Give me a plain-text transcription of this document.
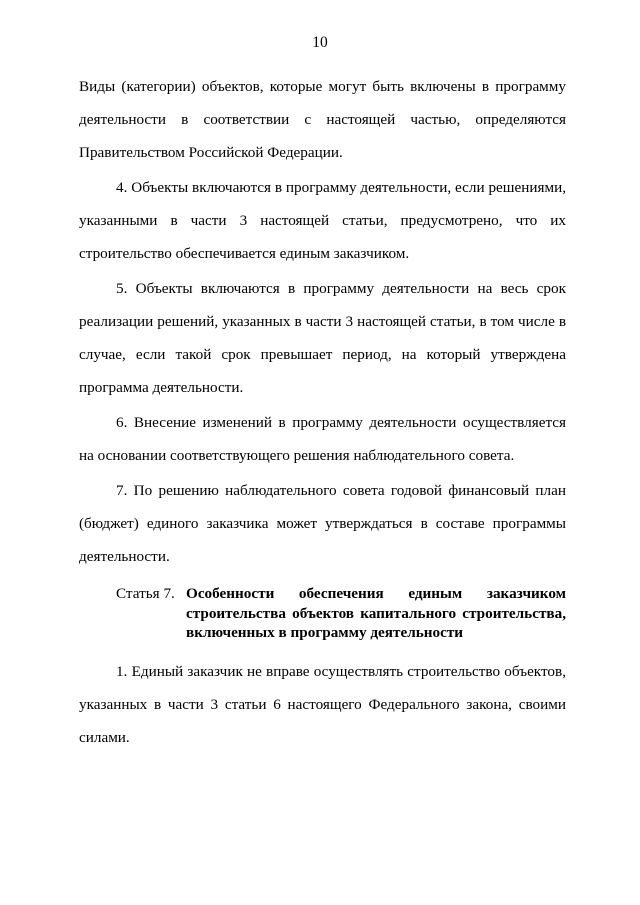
10

Виды (категории) объектов, которые могут быть включены в программу деятельности в соответствии с настоящей частью, определяются Правительством Российской Федерации.

4. Объекты включаются в программу деятельности, если решениями, указанными в части 3 настоящей статьи, предусмотрено, что их строительство обеспечивается единым заказчиком.

5. Объекты включаются в программу деятельности на весь срок реализации решений, указанных в части 3 настоящей статьи, в том числе в случае, если такой срок превышает период, на который утверждена программа деятельности.

6. Внесение изменений в программу деятельности осуществляется на основании соответствующего решения наблюдательного совета.

7. По решению наблюдательного совета годовой финансовый план (бюджет) единого заказчика может утверждаться в составе программы деятельности.

Статья 7. Особенности обеспечения единым заказчиком
строительства объектов капитального строительства,
включенных в программу деятельности

1. Единый заказчик не вправе осуществлять строительство объектов, указанных в части 3 статьи 6 настоящего Федерального закона, своими силами.
